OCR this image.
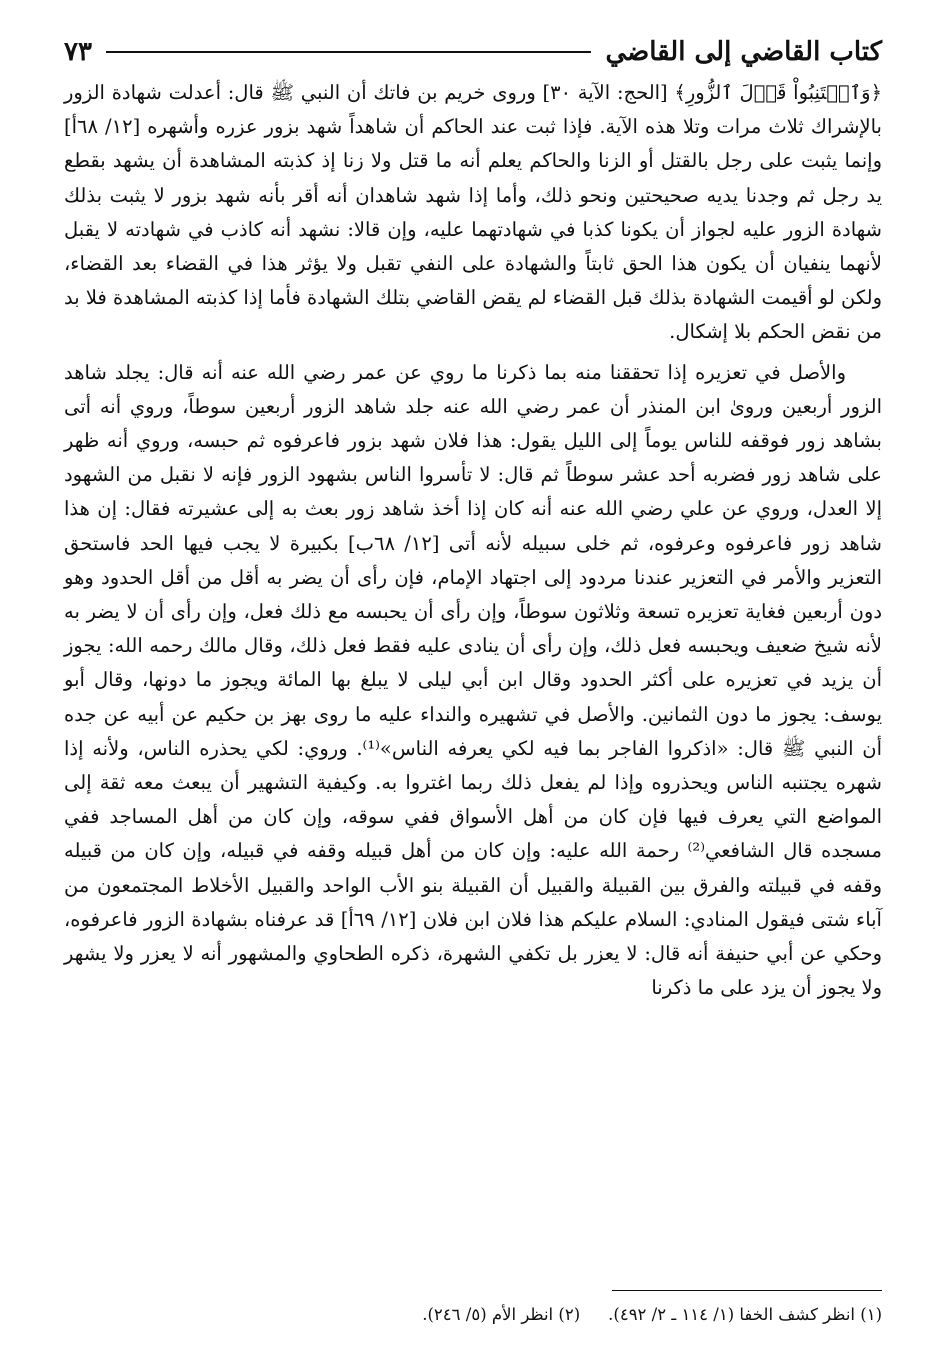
كتاب القاضي إلى القاضي
٧٣

﴿وَٱجۡتَنِبُواْ قَوۡلَ ٱلزُّورِ﴾ [الحج: الآية ٣٠] وروى خريم بن فاتك أن النبي ﷺ قال: أعدلت شهادة الزور بالإشراك ثلاث مرات وتلا هذه الآية. فإذا ثبت عند الحاكم أن شاهداً شهد بزور عزره وأشهره [١٢/ ٦٨أ] وإنما يثبت على رجل بالقتل أو الزنا والحاكم يعلم أنه ما قتل ولا زنا إذ كذبته المشاهدة أن يشهد بقطع يد رجل ثم وجدنا يديه صحيحتين ونحو ذلك، وأما إذا شهد شاهدان أنه أقر بأنه شهد بزور لا يثبت بذلك شهادة الزور عليه لجواز أن يكونا كذبا في شهادتهما عليه، وإن قالا: نشهد أنه كاذب في شهادته لا يقبل لأنهما ينفيان أن يكون هذا الحق ثابتاً والشهادة على النفي تقبل ولا يؤثر هذا في القضاء بعد القضاء، ولكن لو أقيمت الشهادة بذلك قبل القضاء لم يقض القاضي بتلك الشهادة فأما إذا كذبته المشاهدة فلا بد من نقض الحكم بلا إشكال.

والأصل في تعزيره إذا تحققنا منه بما ذكرنا ما روي عن عمر رضي الله عنه أنه قال: يجلد شاهد الزور أربعين وروىٰ ابن المنذر أن عمر رضي الله عنه جلد شاهد الزور أربعين سوطاً، وروي أنه أتى بشاهد زور فوقفه للناس يوماً إلى الليل يقول: هذا فلان شهد بزور فاعرفوه ثم حبسه، وروي أنه ظهر على شاهد زور فضربه أحد عشر سوطاً ثم قال: لا تأسروا الناس بشهود الزور فإنه لا نقبل من الشهود إلا العدل، وروي عن علي رضي الله عنه أنه كان إذا أخذ شاهد زور بعث به إلى عشيرته فقال: إن هذا شاهد زور فاعرفوه وعرفوه، ثم خلى سبيله لأنه أتى [١٢/ ٦٨ب] بكبيرة لا يجب فيها الحد فاستحق التعزير والأمر في التعزير عندنا مردود إلى اجتهاد الإمام، فإن رأى أن يضر به أقل من أقل الحدود وهو دون أربعين فغاية تعزيره تسعة وثلاثون سوطاً، وإن رأى أن يحبسه مع ذلك فعل، وإن رأى أن لا يضر به لأنه شيخ ضعيف ويحبسه فعل ذلك، وإن رأى أن ينادى عليه فقط فعل ذلك، وقال مالك رحمه الله: يجوز أن يزيد في تعزيره على أكثر الحدود وقال ابن أبي ليلى لا يبلغ بها المائة ويجوز ما دونها، وقال أبو يوسف: يجوز ما دون الثمانين. والأصل في تشهيره والنداء عليه ما روى بهز بن حكيم عن أبيه عن جده أن النبي ﷺ قال: «اذكروا الفاجر بما فيه لكي يعرفه الناس»⁽¹⁾. وروي: لكي يحذره الناس، ولأنه إذا شهره يجتنبه الناس ويحذروه وإذا لم يفعل ذلك ربما اغتروا به. وكيفية التشهير أن يبعث معه ثقة إلى المواضع التي يعرف فيها فإن كان من أهل الأسواق ففي سوقه، وإن كان من أهل المساجد ففي مسجده قال الشافعي⁽²⁾ رحمة الله عليه: وإن كان من أهل قبيله وقفه في قبيله، وإن كان من قبيله وقفه في قبيلته والفرق بين القبيلة والقبيل أن القبيلة بنو الأب الواحد والقبيل الأخلاط المجتمعون من آباء شتى فيقول المنادي: السلام عليكم هذا فلان ابن فلان [١٢/ ٦٩أ] قد عرفناه بشهادة الزور فاعرفوه، وحكي عن أبي حنيفة أنه قال: لا يعزر بل تكفي الشهرة، ذكره الطحاوي والمشهور أنه لا يعزر ولا يشهر ولا يجوز أن يزد على ما ذكرنا

(١) انظر كشف الخفا (١/ ١١٤ ـ ٢/ ٤٩٢).
(٢) انظر الأم (٥/ ٢٤٦).
